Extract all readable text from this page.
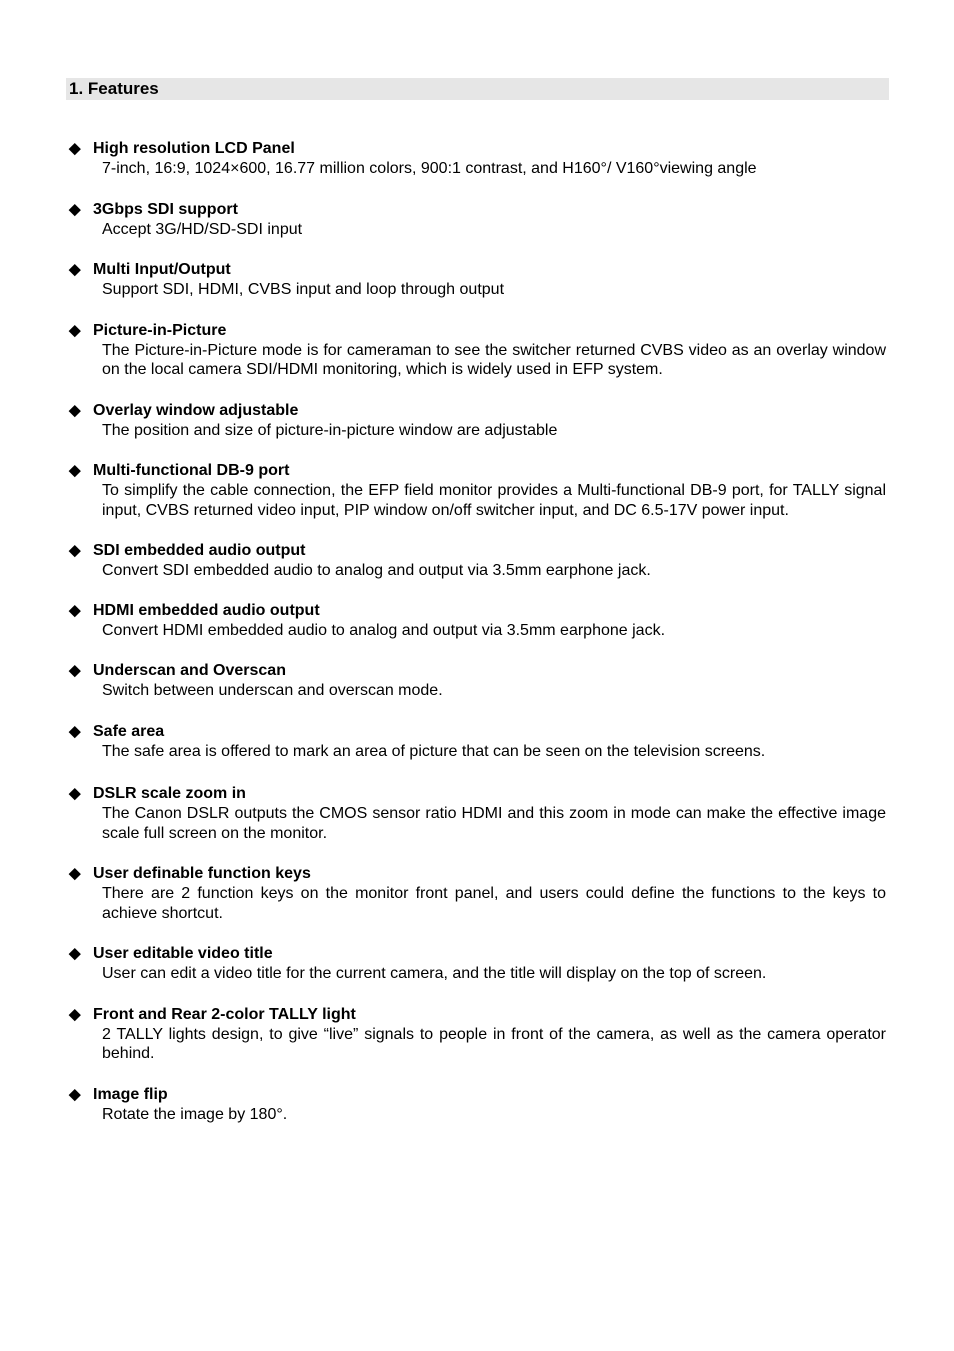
1. Features
◆ High resolution LCD Panel
7-inch, 16:9, 1024×600, 16.77 million colors, 900:1 contrast, and H160°/ V160°viewing angle
◆ 3Gbps SDI support
Accept 3G/HD/SD-SDI input
◆ Multi Input/Output
Support SDI, HDMI, CVBS input and loop through output
◆ Picture-in-Picture
The Picture-in-Picture mode is for cameraman to see the switcher returned CVBS video as an overlay window on the local camera SDI/HDMI monitoring, which is widely used in EFP system.
◆ Overlay window adjustable
The position and size of picture-in-picture window are adjustable
◆ Multi-functional DB-9 port
To simplify the cable connection, the EFP field monitor provides a Multi-functional DB-9 port, for TALLY signal input, CVBS returned video input, PIP window on/off switcher input, and DC 6.5-17V power input.
◆ SDI embedded audio output
Convert SDI embedded audio to analog and output via 3.5mm earphone jack.
◆ HDMI embedded audio output
Convert HDMI embedded audio to analog and output via 3.5mm earphone jack.
◆ Underscan and Overscan
Switch between underscan and overscan mode.
◆ Safe area
The safe area is offered to mark an area of picture that can be seen on the television screens.
◆ DSLR scale zoom in
The Canon DSLR outputs the CMOS sensor ratio HDMI and this zoom in mode can make the effective image scale full screen on the monitor.
◆ User definable function keys
There are 2 function keys on the monitor front panel, and users could define the functions to the keys to achieve shortcut.
◆ User editable video title
User can edit a video title for the current camera, and the title will display on the top of screen.
◆ Front and Rear 2-color TALLY light
2 TALLY lights design, to give “live” signals to people in front of the camera, as well as the camera operator behind.
◆ Image flip
Rotate the image by 180°.
